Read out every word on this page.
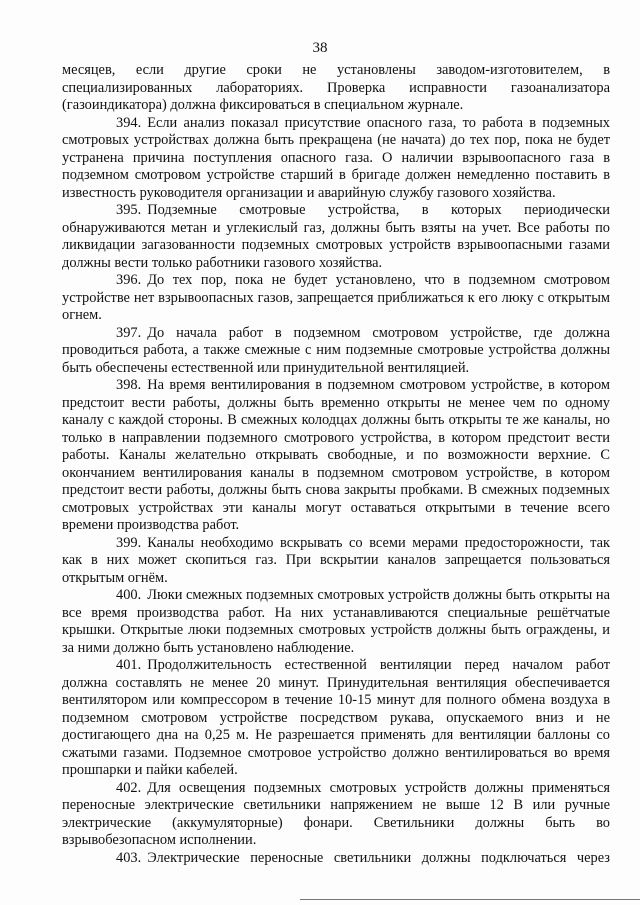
38

месяцев, если другие сроки не установлены заводом-изготовителем, в специализированных лабораториях. Проверка исправности газоанализатора (газоиндикатора) должна фиксироваться в специальном журнале.

394. Если анализ показал присутствие опасного газа, то работа в подземных смотровых устройствах должна быть прекращена (не начата) до тех пор, пока не будет устранена причина поступления опасного газа. О наличии взрывоопасного газа в подземном смотровом устройстве старший в бригаде должен немедленно поставить в известность руководителя организации и аварийную службу газового хозяйства.

395. Подземные смотровые устройства, в которых периодически обнаруживаются метан и углекислый газ, должны быть взяты на учет. Все работы по ликвидации загазованности подземных смотровых устройств взрывоопасными газами должны вести только работники газового хозяйства.

396. До тех пор, пока не будет установлено, что в подземном смотровом устройстве нет взрывоопасных газов, запрещается приближаться к его люку с открытым огнем.

397. До начала работ в подземном смотровом устройстве, где должна проводиться работа, а также смежные с ним подземные смотровые устройства должны быть обеспечены естественной или принудительной вентиляцией.

398. На время вентилирования в подземном смотровом устройстве, в котором предстоит вести работы, должны быть временно открыты не менее чем по одному каналу с каждой стороны. В смежных колодцах должны быть открыты те же каналы, но только в направлении подземного смотрового устройства, в котором предстоит вести работы. Каналы желательно открывать свободные, и по возможности верхние. С окончанием вентилирования каналы в подземном смотровом устройстве, в котором предстоит вести работы, должны быть снова закрыты пробками. В смежных подземных смотровых устройствах эти каналы могут оставаться открытыми в течение всего времени производства работ.

399. Каналы необходимо вскрывать со всеми мерами предосторожности, так как в них может скопиться газ. При вскрытии каналов запрещается пользоваться открытым огнём.

400. Люки смежных подземных смотровых устройств должны быть открыты на все время производства работ. На них устанавливаются специальные решётчатые крышки. Открытые люки подземных смотровых устройств должны быть ограждены, и за ними должно быть установлено наблюдение.

401. Продолжительность естественной вентиляции перед началом работ должна составлять не менее 20 минут. Принудительная вентиляция обеспечивается вентилятором или компрессором в течение 10-15 минут для полного обмена воздуха в подземном смотровом устройстве посредством рукава, опускаемого вниз и не достигающего дна на 0,25 м. Не разрешается применять для вентиляции баллоны со сжатыми газами. Подземное смотровое устройство должно вентилироваться во время прошпарки и пайки кабелей.

402. Для освещения подземных смотровых устройств должны применяться переносные электрические светильники напряжением не выше 12 В или ручные электрические (аккумуляторные) фонари. Светильники должны быть во взрывобезопасном исполнении.

403. Электрические переносные светильники должны подключаться через
